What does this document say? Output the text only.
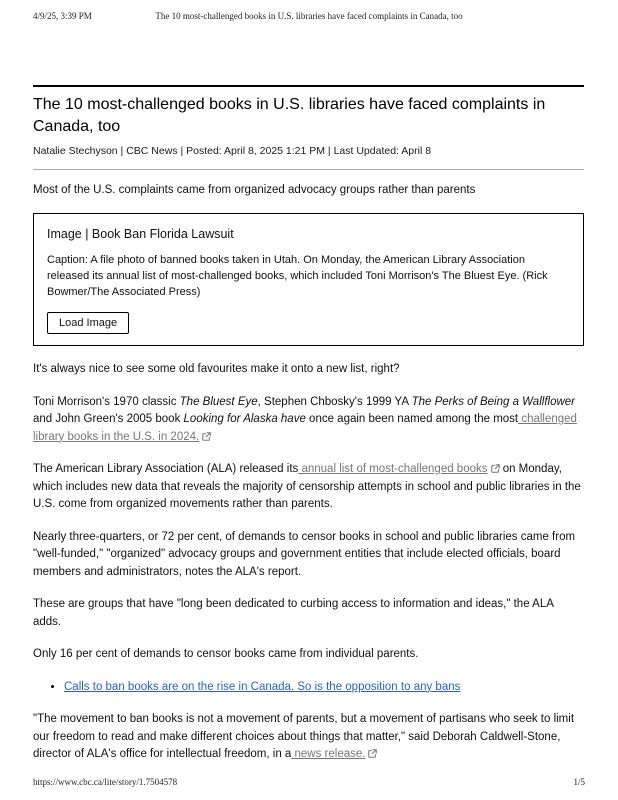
4/9/25, 3:39 PM	The 10 most-challenged books in U.S. libraries have faced complaints in Canada, too
The 10 most-challenged books in U.S. libraries have faced complaints in Canada, too
Natalie Stechyson | CBC News | Posted: April 8, 2025 1:21 PM | Last Updated: April 8
Most of the U.S. complaints came from organized advocacy groups rather than parents
Image | Book Ban Florida Lawsuit
Caption: A file photo of banned books taken in Utah. On Monday, the American Library Association released its annual list of most-challenged books, which included Toni Morrison's The Bluest Eye. (Rick Bowmer/The Associated Press)
Load Image

It's always nice to see some old favourites make it onto a new list, right?

Toni Morrison's 1970 classic The Bluest Eye, Stephen Chbosky's 1999 YA The Perks of Being a Wallflower and John Green's 2005 book Looking for Alaska have once again been named among the most challenged library books in the U.S. in 2024.

The American Library Association (ALA) released its annual list of most-challenged books on Monday, which includes new data that reveals the majority of censorship attempts in school and public libraries in the U.S. come from organized movements rather than parents.

Nearly three-quarters, or 72 per cent, of demands to censor books in school and public libraries came from "well-funded," "organized" advocacy groups and government entities that include elected officials, board members and administrators, notes the ALA's report.

These are groups that have "long been dedicated to curbing access to information and ideas," the ALA adds.

Only 16 per cent of demands to censor books came from individual parents.

• Calls to ban books are on the rise in Canada. So is the opposition to any bans

"The movement to ban books is not a movement of parents, but a movement of partisans who seek to limit our freedom to read and make different choices about things that matter," said Deborah Caldwell-Stone, director of ALA's office for intellectual freedom, in a news release.

https://www.cbc.ca/lite/story/1.7504578	1/5
